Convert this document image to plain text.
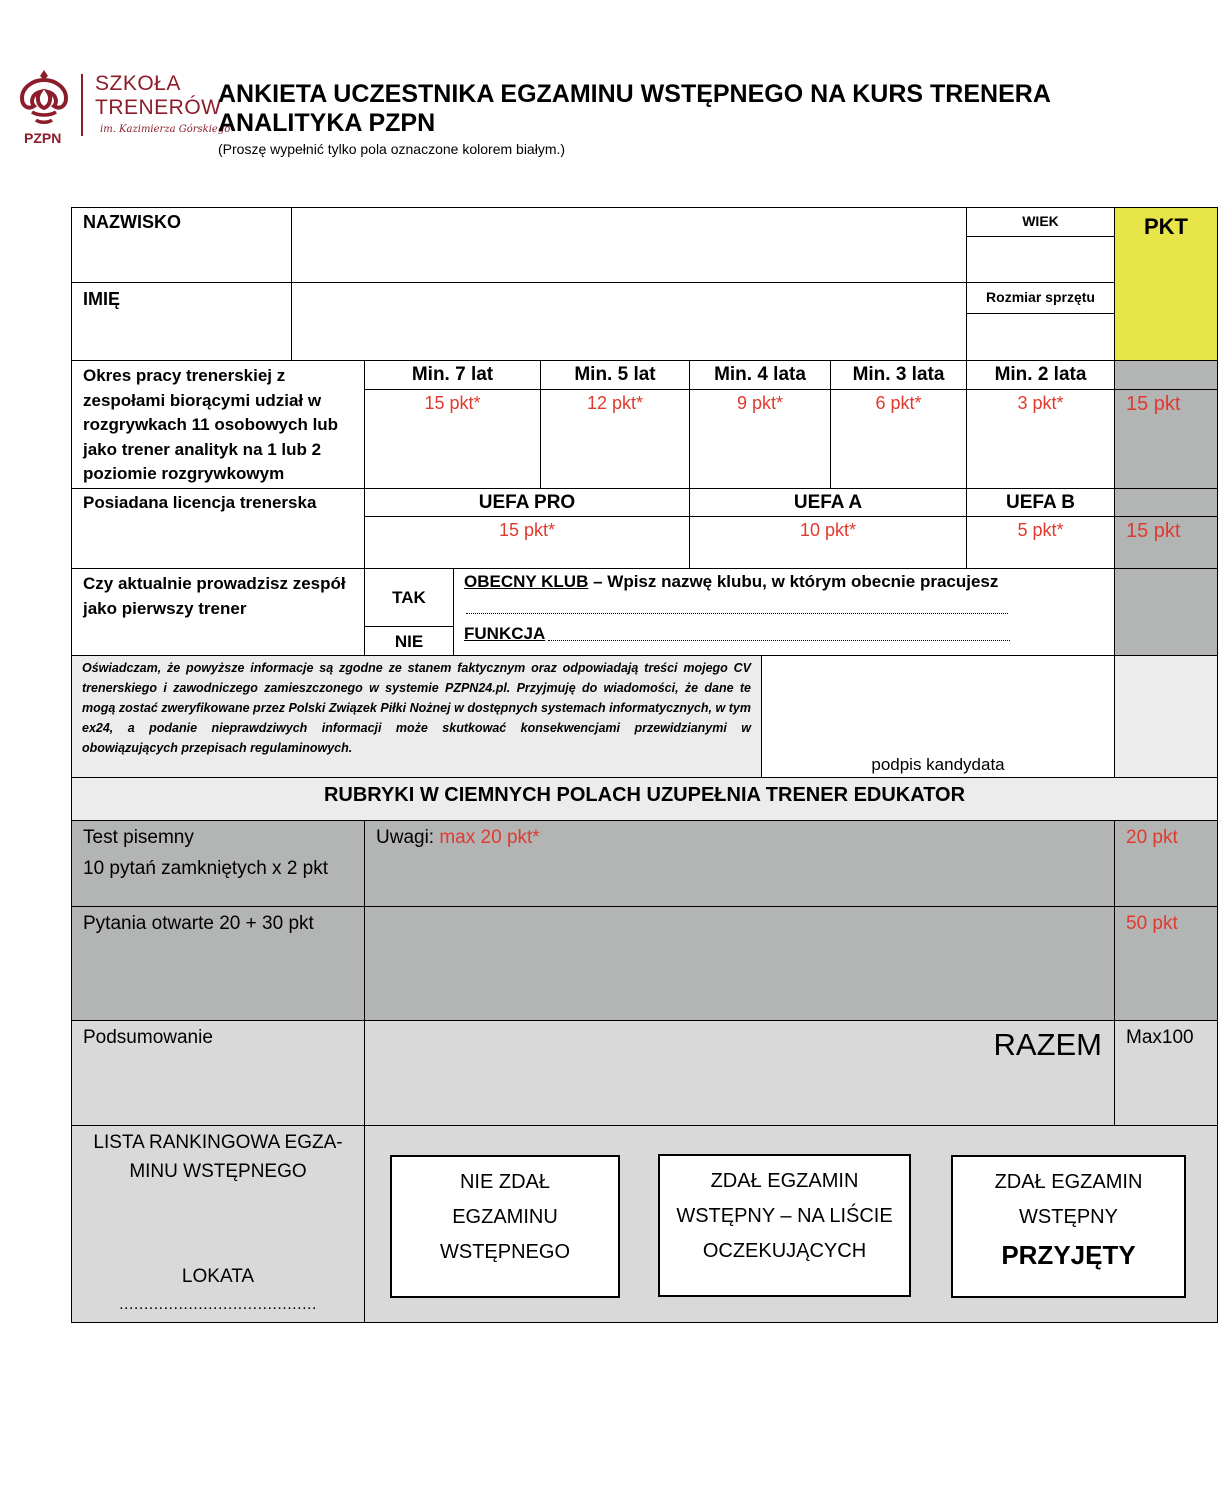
PZPN
SZKOŁA
TRENERÓW
im. Kazimierza Górskiego
ANKIETA UCZESTNIKA EGZAMINU WSTĘPNEGO NA KURS TRENERA
ANALITYKA PZPN
(Proszę wypełnić tylko pola oznaczone kolorem białym.)
NAZWISKO
IMIĘ
WIEK
Rozmiar sprzętu
PKT
Okres pracy trenerskiej z zespołami biorącymi udział w rozgrywkach 11 osobowych lub jako trener analityk na 1 lub 2 poziomie rozgrywkowym
Min. 7 lat	Min. 5 lat	Min. 4 lata	Min. 3 lata	Min. 2 lata
15 pkt*	12 pkt*	9 pkt*	6 pkt*	3 pkt*	15 pkt
Posiadana licencja trenerska	UEFA PRO	UEFA A	UEFA B
15 pkt*	10 pkt*	5 pkt*	15 pkt
Czy aktualnie prowadzisz zespół jako pierwszy trener
TAK
NIE
OBECNY KLUB – Wpisz nazwę klubu, w którym obecnie pracujesz
FUNKCJA
Oświadczam, że powyższe informacje są zgodne ze stanem faktycznym oraz odpowiadają treści mojego CV trenerskiego i zawodniczego zamieszczonego w systemie PZPN24.pl. Przyjmuję do wiadomości, że dane te mogą zostać zweryfikowane przez Polski Związek Piłki Nożnej w dostępnych systemach informatycznych, w tym ex24, a podanie nieprawdziwych informacji może skutkować konsekwencjami przewidzianymi w obowiązujących przepisach regulaminowych.
podpis kandydata
RUBRYKI W CIEMNYCH POLACH UZUPEŁNIA TRENER EDUKATOR
Test pisemny
10 pytań zamkniętych x 2 pkt
Uwagi: max 20 pkt*	20 pkt
Pytania otwarte 20 + 30 pkt	50 pkt
Podsumowanie	RAZEM	Max100
LISTA RANKINGOWA EGZA-
MINU WSTĘPNEGO
LOKATA
........................................
NIE ZDAŁ
EGZAMINU
WSTĘPNEGO
ZDAŁ EGZAMIN
WSTĘPNY – NA LIŚCIE
OCZEKUJĄCYCH
ZDAŁ EGZAMIN
WSTĘPNY
PRZYJĘTY
